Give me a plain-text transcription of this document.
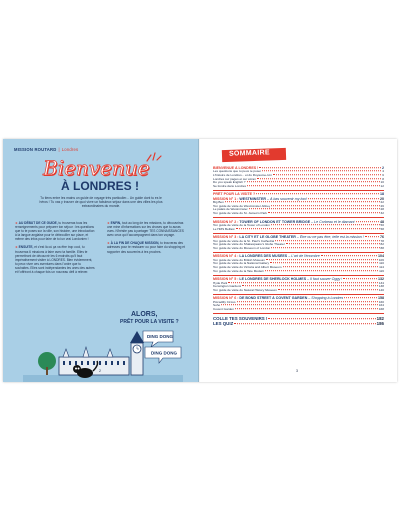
MISSION ROUTARD | Londres
Bienvenue
À LONDRES !
Tu tiens entre les mains un guide de voyage très particulier... Un guide dont tu es le héros ! Tu vas y trouver de quoi vivre un fabuleux séjour dans une des villes les plus extraordinaires du monde.

➜AU DÉBUT DE CE GUIDE, tu trouveras tous les renseignements pour préparer ton séjour : les questions que tu te poses sur la ville, son histoire, une introduction à la langue anglaise pour te débrouiller sur place, et même des infos pour faire de toi un vrai Londonien !

➜ENSUITE, et c'est là où ça va être trop cool, tu trouveras 6 missions à faire avec ta famille. Elles te permettront de découvrir les 6 endroits qu'il faut impérativement visiter à LONDRES. Bien évidemment, tu peux vivre ces aventures dans l'ordre que tu souhaites. Elles sont indépendantes les unes des autres et t'offriront à chaque fois un nouveau défi à relever.

➜ENFIN, tout au long de tes missions, tu découvriras une mine d'informations sur les choses que tu auras vues. N'hésite pas à partager TES CONNAISSANCES avec ceux qui t'accompagnent dans ton voyage.

➜À LA FIN DE CHAQUE MISSION, tu trouveras des adresses pour te restaurer ou pour faire du shopping et rapporter des souvenirs à tes proches.

ALORS,
PRÊT POUR LA VISITE ?
DING DONG
DING DONG
2
SOMMAIRE
BIENVENUE À LONDRES !	2
Les questions que tu peux te poser	4
L'histoire de Londres... et du Royaume-Uni	6
Londres sur pages et sur écran	8
Do you speak English ?	10
Se fondre dans Londres	12
PRÊT POUR LA VISITE ?	18
MISSION N° 1 :WESTMINSTER– À bas souvenir my lord	20
Big Ben	22
Ton guide de visite de Westminster Abbey	26
Le palais de Westminster	28
Ton guide de visite du St. James's Park	32
MISSION N° 2 :TOWER OF LONDON ET TOWER BRIDGE– Le Corbeau et le diamant	48
Ton guide de visite de la Tower of London	50
Le HMS Belfast	58
MISSION N° 3 :LA CITY ET LE GLOBE THEATER– Être ou ne pas être, telle est la mission !	76
Ton guide de visite de la St. Paul's Cathedral	78
Ton guide de visite du Shakespeare's Globe Theater	82
Ton guide de visite du Museum of London	88
MISSION N° 4 :LA LONDRES DES MUSÉES– L'art de l'énombre	104
Ton guide de visite du British Museum	106
Ton guide de visite de la National Gallery	110
Ton guide de visite du Victoria and Albert Museum	114
Ton guide de visite de la Tate Modern	116
MISSION N° 5 :LE LONDRES DE SHERLOCK HOLMES– Il faut sauver Oggy !	132
Hyde Park	134
Kensington Gardens	138
Ton guide de visite du Natural History Museum	140
MISSION N° 6 :DE BOND STREET À COVENT GARDEN– Shopping à Londres	158
Piccadilly Circus	160
Soho	164
Covent Garden	168
COLLE TES SOUVENIRS !	182
LES QUIZ	186
3
